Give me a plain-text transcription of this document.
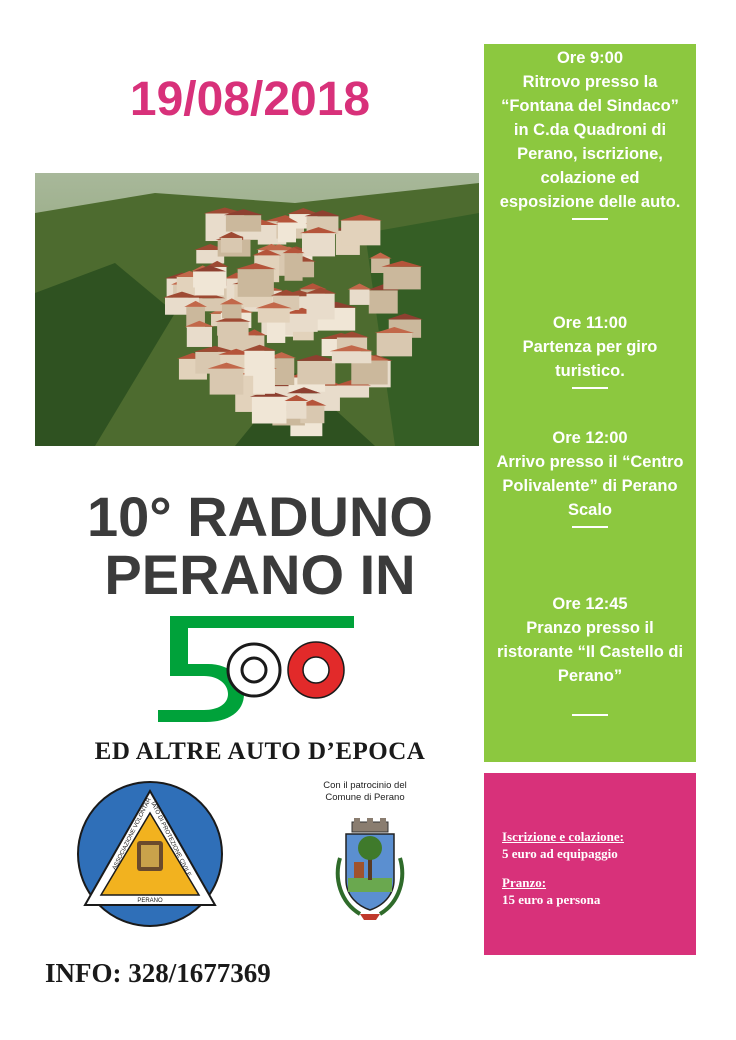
19/08/2018
10° RADUNO
PERANO IN
ED ALTRE AUTO D’EPOCA
ASSOCIAZIONE VOLONTARIATO DI PROTEZIONE CIVILE
PERANO
Con il patrocinio del
Comune di Perano
INFO: 328/1677369
Ore 9:00
Ritrovo presso la “Fontana del Sindaco” in C.da Quadroni di Perano, iscrizione, colazione ed esposizione delle auto.
Ore 11:00
Partenza per giro turistico.
Ore 12:00
Arrivo presso il “Centro Polivalente” di Perano Scalo
Ore 12:45
Pranzo presso il ristorante “Il Castello di Perano”
Iscrizione e colazione:
5 euro ad equipaggio
Pranzo:
15 euro a persona
